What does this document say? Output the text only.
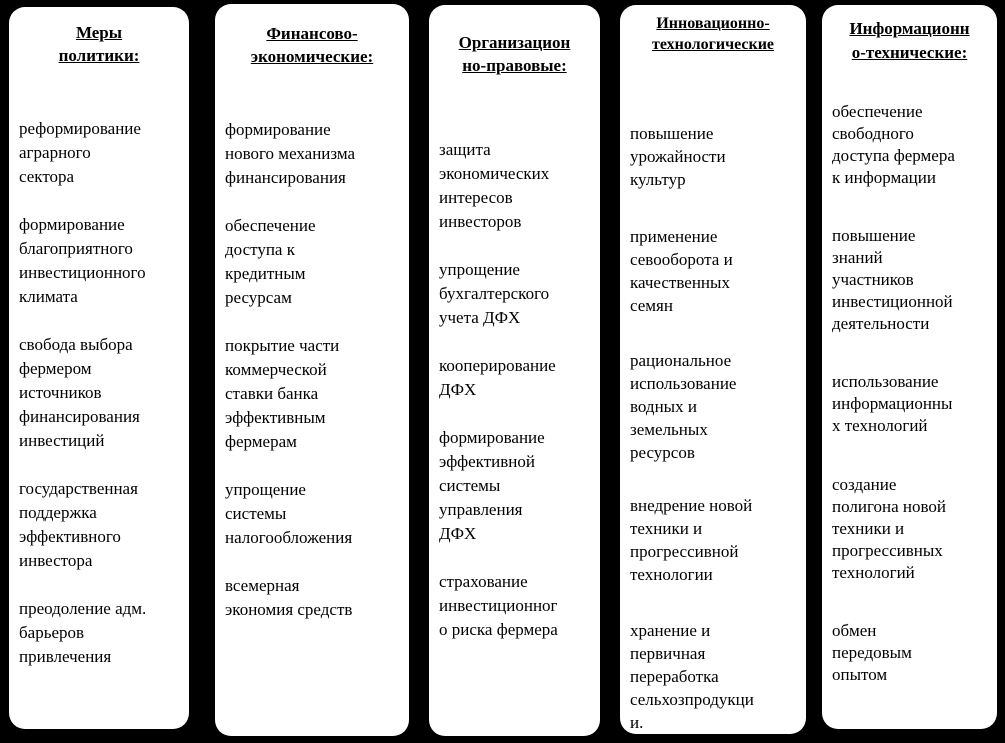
Меры
политики:
реформирование
аграрного
сектора
формирование
благоприятного
инвестиционного
климата
свобода выбора
фермером
источников
финансирования
инвестиций
государственная
поддержка
эффективного
инвестора
преодоление адм.
барьеров
привлечения
Финансово-
экономические:
формирование
нового механизма
финансирования
обеспечение
доступа к
кредитным
ресурсам
покрытие части
коммерческой
ставки банка
эффективным
фермерам
упрощение
системы
налогообложения
всемерная
экономия средств
Организацион
но-правовые:
защита
экономических
интересов
инвесторов
упрощение
бухгалтерского
учета ДФХ
кооперирование
ДФХ
формирование
эффективной
системы
управления
ДФХ
страхование
инвестиционног
о риска фермера
Инновационно-
технологические
повышение
урожайности
культур
применение
севооборота и
качественных
семян
рациональное
использование
водных и
земельных
ресурсов
внедрение новой
техники и
прогрессивной
технологии
хранение и
первичная
переработка
сельхозпродукци
и.
Информационн
о-технические:
обеспечение
свободного
доступа фермера
к информации
повышение
знаний
участников
инвестиционной
деятельности
использование
информационны
х технологий
создание
полигона новой
техники и
прогрессивных
технологий
обмен
передовым
опытом
